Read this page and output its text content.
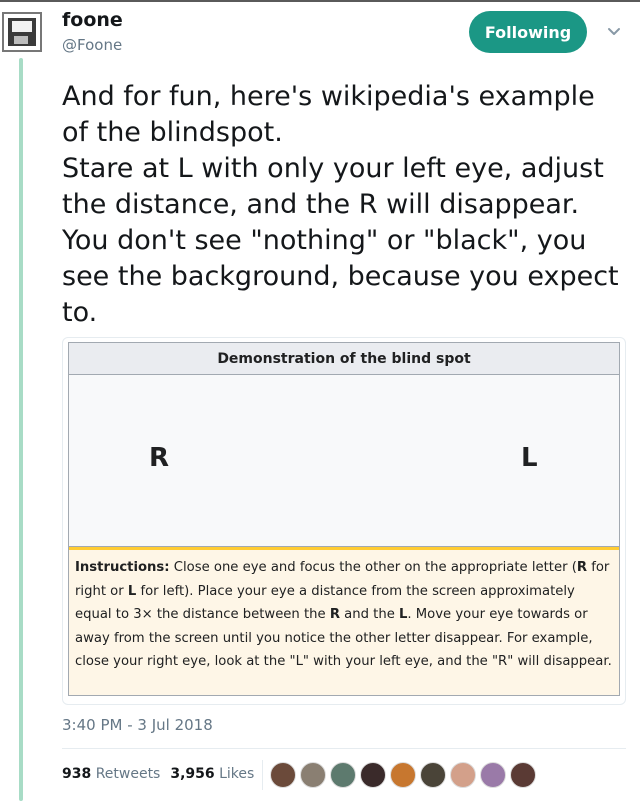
foone
@Foone
Following
And for fun, here's wikipedia's example
of the blindspot.
Stare at L with only your left eye, adjust
the distance, and the R will disappear.
You don't see "nothing" or "black", you
see the background, because you expect
to.
Demonstration of the blind spot
R	L
Instructions: Close one eye and focus the other on the appropriate letter (R for right or L for left). Place your eye a distance from the screen approximately equal to 3× the distance between the R and the L. Move your eye towards or away from the screen until you notice the other letter disappear. For example, close your right eye, look at the "L" with your left eye, and the "R" will disappear.
3:40 PM - 3 Jul 2018
938 Retweets 3,956 Likes
